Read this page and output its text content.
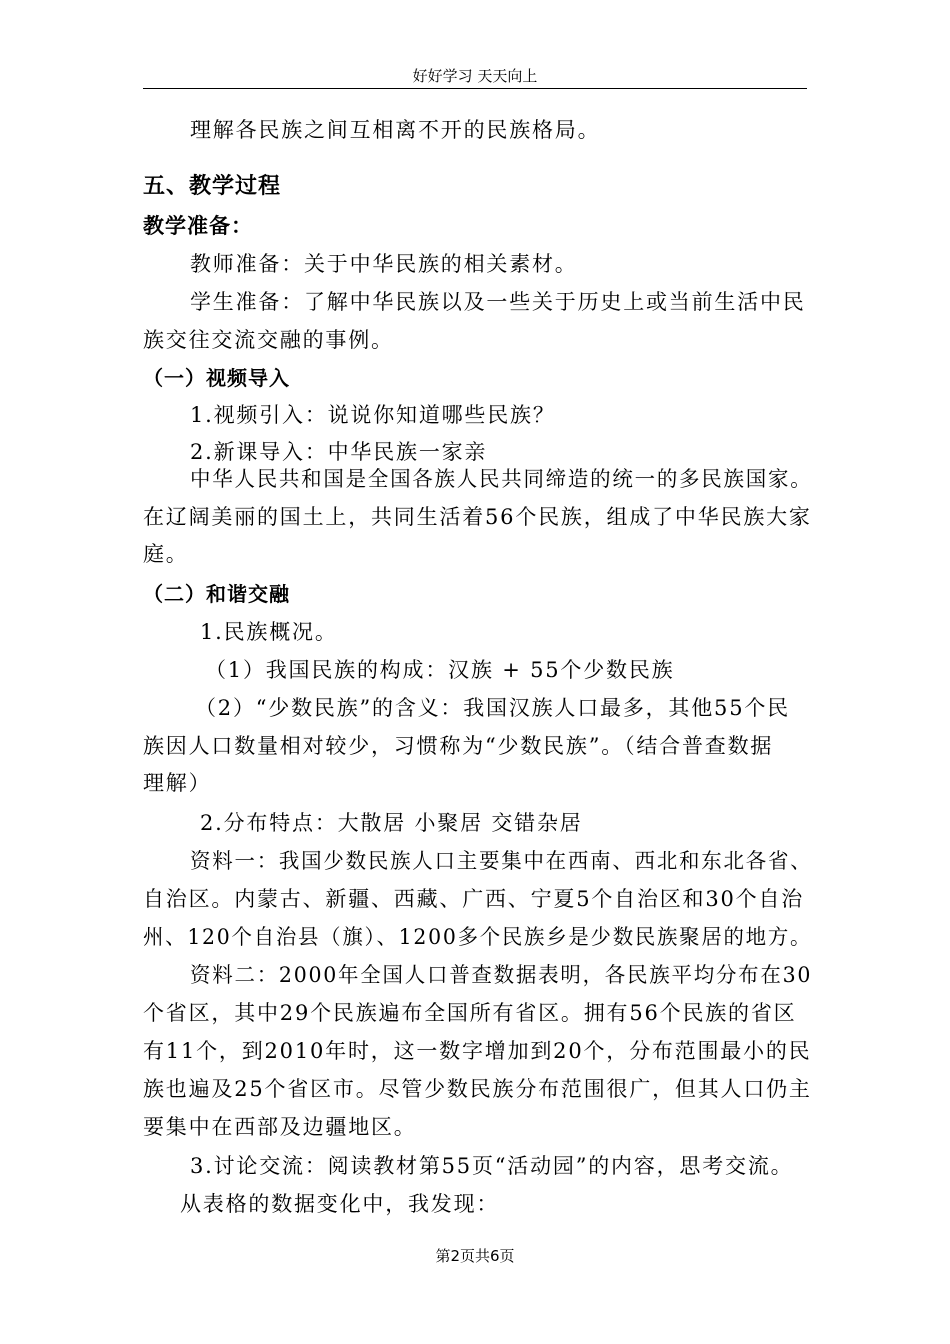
好好学习 天天向上
理解各民族之间互相离不开的民族格局。
五、教学过程
教学准备：
教师准备：关于中华民族的相关素材。
学生准备：了解中华民族以及一些关于历史上或当前生活中民
族交往交流交融的事例。
（一）视频导入
1.视频引入：说说你知道哪些民族？
2.新课导入：中华民族一家亲
中华人民共和国是全国各族人民共同缔造的统一的多民族国家。
在辽阔美丽的国土上，共同生活着56个民族，组成了中华民族大家
庭。
（二）和谐交融
1.民族概况。
（1）我国民族的构成：汉族 + 55个少数民族
（2）“少数民族”的含义：我国汉族人口最多，其他55个民
族因人口数量相对较少，习惯称为“少数民族”。（结合普查数据
理解）
2.分布特点：大散居 小聚居 交错杂居
资料一：我国少数民族人口主要集中在西南、西北和东北各省、
自治区。内蒙古、新疆、西藏、广西、宁夏5个自治区和30个自治
州、120个自治县（旗）、1200多个民族乡是少数民族聚居的地方。
资料二：2000年全国人口普查数据表明，各民族平均分布在30
个省区，其中29个民族遍布全国所有省区。拥有56个民族的省区
有11个，到2010年时，这一数字增加到20个，分布范围最小的民
族也遍及25个省区市。尽管少数民族分布范围很广，但其人口仍主
要集中在西部及边疆地区。
3.讨论交流：阅读教材第55页“活动园”的内容，思考交流。
从表格的数据变化中，我发现：
第2页共6页
